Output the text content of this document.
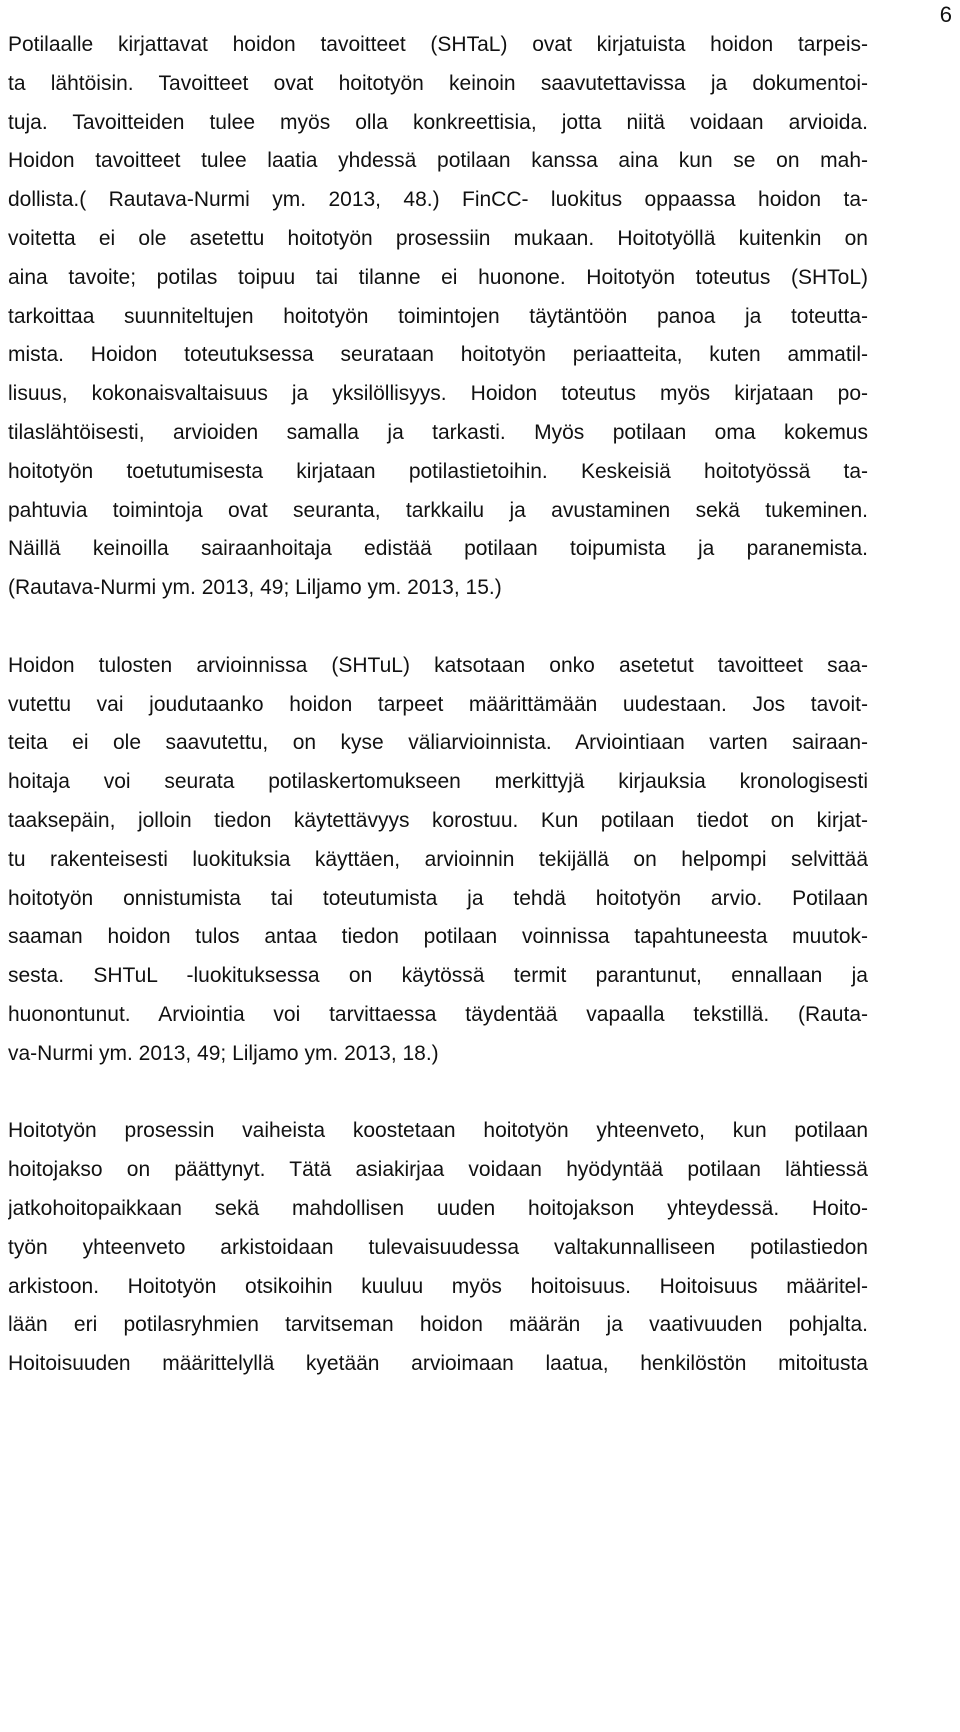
6
Potilaalle kirjattavat hoidon tavoitteet (SHTaL) ovat kirjatuista hoidon tarpeis-
ta lähtöisin. Tavoitteet ovat hoitotyön keinoin saavutettavissa ja dokumentoi-
tuja. Tavoitteiden tulee myös olla konkreettisia, jotta niitä voidaan arvioida.
Hoidon tavoitteet tulee laatia yhdessä potilaan kanssa aina kun se on mah-
dollista.( Rautava-Nurmi ym. 2013, 48.) FinCC- luokitus oppaassa hoidon ta-
voitetta ei ole asetettu hoitotyön prosessiin mukaan. Hoitotyöllä kuitenkin on
aina tavoite; potilas toipuu tai tilanne ei huonone. Hoitotyön toteutus (SHToL)
tarkoittaa suunniteltujen hoitotyön toimintojen täytäntöön panoa ja toteutta-
mista. Hoidon toteutuksessa seurataan hoitotyön periaatteita, kuten ammatil-
lisuus, kokonaisvaltaisuus ja yksilöllisyys. Hoidon toteutus myös kirjataan po-
tilaslähtöisesti, arvioiden samalla ja tarkasti. Myös potilaan oma kokemus
hoitotyön toetutumisesta kirjataan potilastietoihin. Keskeisiä hoitotyössä ta-
pahtuvia toimintoja ovat seuranta, tarkkailu ja avustaminen sekä tukeminen.
Näillä keinoilla sairaanhoitaja edistää potilaan toipumista ja paranemista.
(Rautava-Nurmi ym. 2013, 49; Liljamo ym. 2013, 15.)
Hoidon tulosten arvioinnissa (SHTuL) katsotaan onko asetetut tavoitteet saa-
vutettu vai joudutaanko hoidon tarpeet määrittämään uudestaan. Jos tavoit-
teita ei ole saavutettu, on kyse väliarvioinnista. Arviointiaan varten sairaan-
hoitaja voi seurata potilaskertomukseen merkittyjä kirjauksia kronologisesti
taaksepäin, jolloin tiedon käytettävyys korostuu. Kun potilaan tiedot on kirjat-
tu rakenteisesti luokituksia käyttäen, arvioinnin tekijällä on helpompi selvittää
hoitotyön onnistumista tai toteutumista ja tehdä hoitotyön arvio. Potilaan
saaman hoidon tulos antaa tiedon potilaan voinnissa tapahtuneesta muutok-
sesta. SHTuL -luokituksessa on käytössä termit parantunut, ennallaan ja
huonontunut. Arviointia voi tarvittaessa täydentää vapaalla tekstillä. (Rauta-
va-Nurmi ym. 2013, 49; Liljamo ym. 2013, 18.)
Hoitotyön prosessin vaiheista koostetaan hoitotyön yhteenveto, kun potilaan
hoitojakso on päättynyt. Tätä asiakirjaa voidaan hyödyntää potilaan lähtiessä
jatkohoitopaikkaan sekä mahdollisen uuden hoitojakson yhteydessä. Hoito-
työn yhteenveto arkistoidaan tulevaisuudessa valtakunnalliseen potilastiedon
arkistoon. Hoitotyön otsikoihin kuuluu myös hoitoisuus. Hoitoisuus määritel-
lään eri potilasryhmien tarvitseman hoidon määrän ja vaativuuden pohjalta.
Hoitoisuuden määrittelyllä kyetään arvioimaan laatua, henkilöstön mitoitusta
